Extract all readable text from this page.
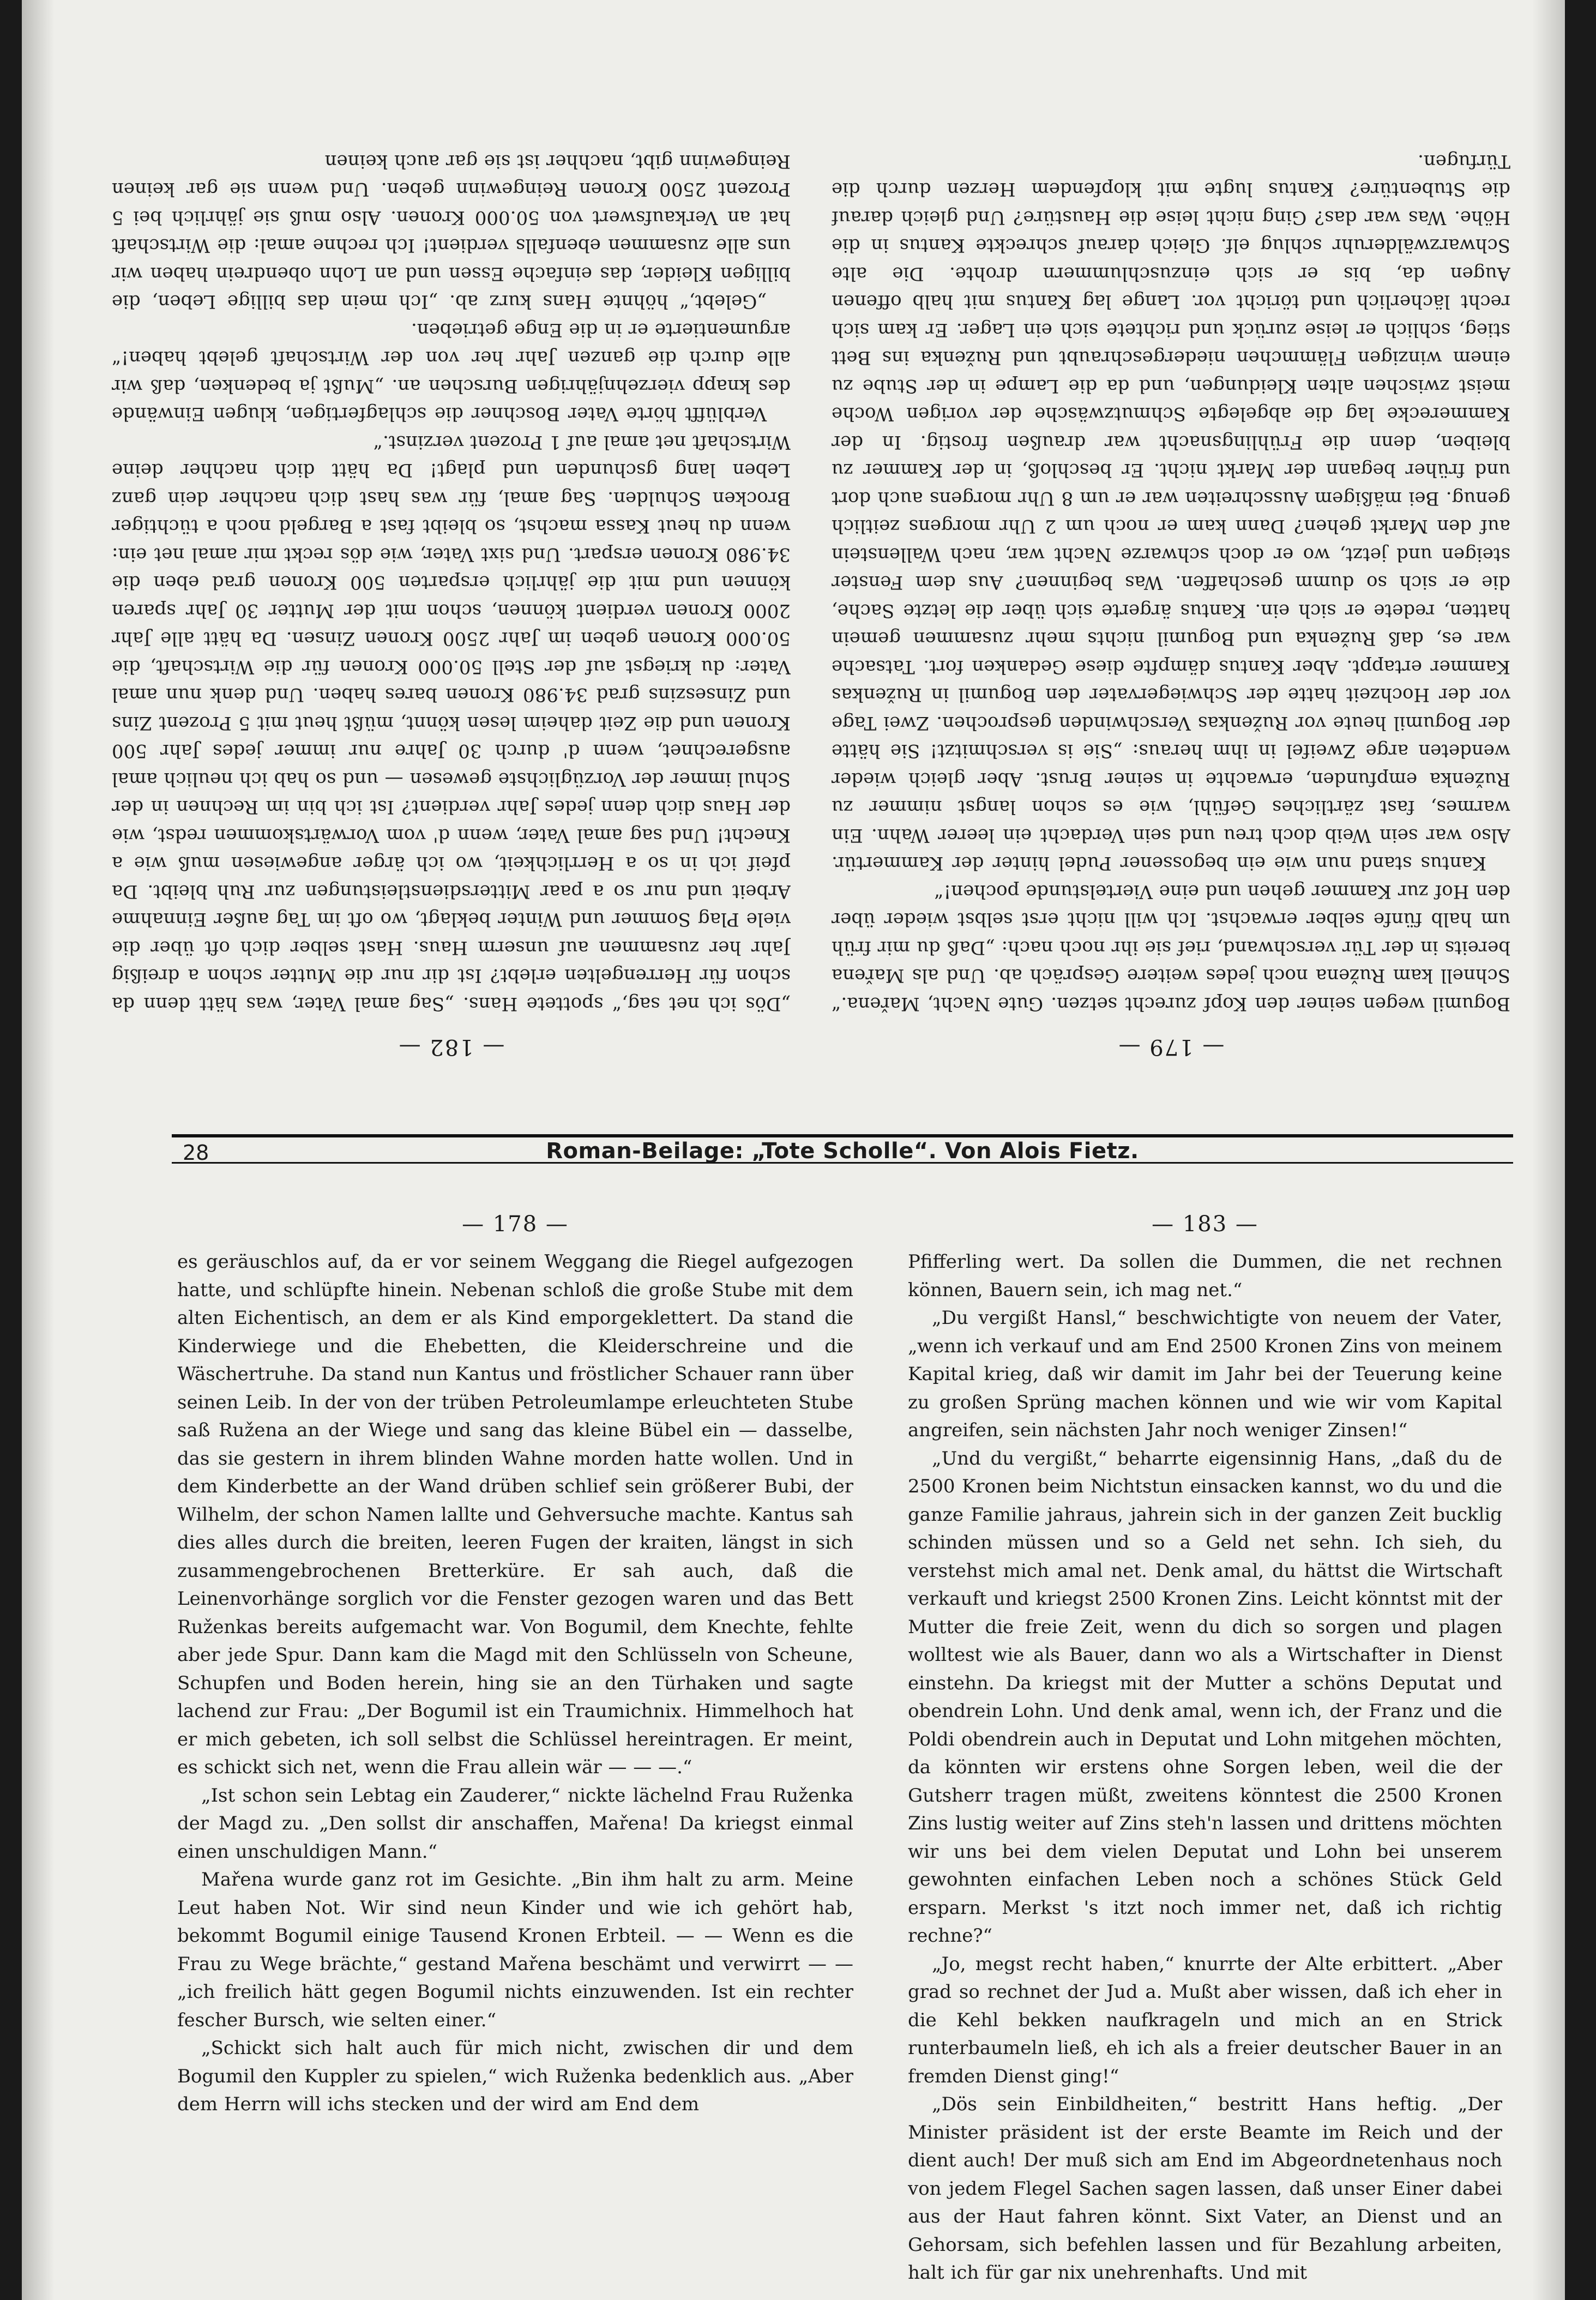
— 179 —

Bogumil wegen seiner den Kopf zurecht setzen. Gute Nacht, Mařena.“ Schnell kam Ružena noch jedes weitere Gespräch ab. Und als Mařena bereits in der Tür verschwand, rief sie ihr noch nach: „Daß du mir früh um halb fünfe selber erwachst. Ich will nicht erst selbst wieder über den Hof zur Kammer gehen und eine Viertelstunde pochen!“

Kantus stand nun wie ein begossener Pudel hinter der Kammertür. Also war sein Weib doch treu und sein Verdacht ein leerer Wahn. Ein warmes, fast zärtliches Gefühl, wie es schon langst nimmer zu Ruženka empfunden, erwachte in seiner Brust. Aber gleich wieder wendeten arge Zweifel in ihm heraus: „Sie is verschmitzt! Sie hätte der Bogumil heute vor Ruženkas Verschwinden gesprochen. Zwei Tage vor der Hochzeit hatte der Schwiegervater den Bogumil in Ruženkas Kammer ertappt. Aber Kantus dämpfte diese Gedanken fort. Tatsache war es, daß Ruženka und Bogumil nichts mehr zusammen gemein hatten, redete er sich ein. Kantus ärgerte sich über die letzte Sache, die er sich so dumm geschaffen. Was beginnen? Aus dem Fenster steigen und jetzt, wo er doch schwarze Nacht war, nach Wallenstein auf den Markt gehen? Dann kam er noch um 2 Uhr morgens zeitlich genug. Bei mäßigem Ausschreiten war er um 8 Uhr morgens auch dort und früher begann der Markt nicht. Er beschloß, in der Kammer zu bleiben, denn die Frühlingsnacht war draußen frostig. In der Kammerecke lag die abgelegte Schmutzwäsche der vorigen Woche meist zwischen alten Kleidungen, und da die Lampe in der Stube zu einem winzigen Flämmchen niedergeschraubt und Ruženka ins Bett stieg, schlich er leise zurück und richtete sich ein Lager. Er kam sich recht lächerlich und töricht vor. Lange lag Kantus mit halb offenen Augen da, bis er sich einzuschlummern drohte. Die alte Schwarzwälderuhr schlug elf. Gleich darauf schreckte Kantus in die Höhe. Was war das? Ging nicht leise die Haustüre? Und gleich darauf die Stubentüre? Kantus lugte mit klopfendem Herzen durch die Türfugen.

— 182 —

„Dös ich net sag,“ spottete Hans. „Sag amal Vater, was hätt denn da schon für Herrengelten erlebt? Ist dir nur die Mutter schon a dreißig Jahr her zusammen auf unserm Haus. Hast selber dich oft über die viele Plag Sommer und Winter beklagt, wo oft im Tag außer Einnahme Arbeit und nur so a paar Mittersdienstleistungen zur Ruh bleibt. Da pfeif ich in so a Herrlichkeit, wo ich ärger angewiesen muß wie a Knecht! Und sag amal Vater, wenn d' vom Vorwärtskommen redst, wie der Haus dich denn jedes Jahr verdient? Ist ich bin im Rechnen in der Schul immer der Vorzüglichste gewesen — und so hab ich neulich amal ausgerechnet, wenn d' durch 30 Jahre nur immer jedes Jahr 500 Kronen und die Zeit daheim lesen könnt, müßt heut mit 5 Prozent Zins und Zinseszins grad 34.980 Kronen bares haben. Und denk nun amal Vater: du kriegst auf der Stell 50.000 Kronen für die Wirtschaft, die 50.000 Kronen geben im Jahr 2500 Kronen Zinsen. Da hätt alle Jahr 2000 Kronen verdient können, schon mit der Mutter 30 Jahr sparen können und mit die jährlich ersparten 500 Kronen grad eben die 34.980 Kronen erspart. Und sixt Vater, wie dös reckt mir amal net ein: wenn du heut Kassa machst, so bleibt fast a Bargeld noch a tüchtiger Brocken Schulden. Sag amal, für was hast dich nachher dein ganz Leben lang gschunden und plagt! Da hätt dich nachher deine Wirtschaft net amal auf 1 Prozent verzinst.“

Verblüfft hörte Vater Boschner die schlagfertigen, klugen Einwände des knapp vierzehnjährigen Burschen an. „Mußt ja bedenken, daß wir alle durch die ganzen Jahr her von der Wirtschaft gelebt haben!“ argumentierte er in die Enge getrieben.

„Gelebt,“ höhnte Hans kurz ab. „Ich mein das billige Leben, die billigen Kleider, das einfache Essen und an Lohn obendrein haben wir uns alle zusammen ebenfalls verdient! Ich rechne amal: die Wirtschaft hat an Verkaufswert von 50.000 Kronen. Also muß sie jährlich bei 5 Prozent 2500 Kronen Reingewinn geben. Und wenn sie gar keinen Reingewinn gibt, nachher ist sie gar auch keinen

28	Roman-Beilage: „Tote Scholle“. Von Alois Fietz.
— 178 —

es geräuschlos auf, da er vor seinem Weggang die Riegel aufgezogen hatte, und schlüpfte hinein. Nebenan schloß die große Stube mit dem alten Eichentisch, an dem er als Kind emporgeklettert. Da stand die Kinderwiege und die Ehebetten, die Kleiderschreine und die Wäschertruhe. Da stand nun Kantus und fröstlicher Schauer rann über seinen Leib. In der von der trüben Petroleumlampe erleuchteten Stube saß Ružena an der Wiege und sang das kleine Bübel ein — dasselbe, das sie gestern in ihrem blinden Wahne morden hatte wollen. Und in dem Kinderbette an der Wand drüben schlief sein größerer Bubi, der Wilhelm, der schon Namen lallte und Gehversuche machte. Kantus sah dies alles durch die breiten, leeren Fugen der kraiten, längst in sich zusammengebrochenen Bretterküre. Er sah auch, daß die Leinenvorhänge sorglich vor die Fenster gezogen waren und das Bett Ruženkas bereits aufgemacht war. Von Bogumil, dem Knechte, fehlte aber jede Spur. Dann kam die Magd mit den Schlüsseln von Scheune, Schupfen und Boden herein, hing sie an den Türhaken und sagte lachend zur Frau: „Der Bogumil ist ein Traumichnix. Himmelhoch hat er mich gebeten, ich soll selbst die Schlüssel hereintragen. Er meint, es schickt sich net, wenn die Frau allein wär — — —.“

„Ist schon sein Lebtag ein Zauderer,“ nickte lächelnd Frau Ruženka der Magd zu. „Den sollst dir anschaffen, Mařena! Da kriegst einmal einen unschuldigen Mann.“

Mařena wurde ganz rot im Gesichte. „Bin ihm halt zu arm. Meine Leut haben Not. Wir sind neun Kinder und wie ich gehört hab, bekommt Bogumil einige Tausend Kronen Erbteil. — — Wenn es die Frau zu Wege brächte,“ gestand Mařena beschämt und verwirrt — — „ich freilich hätt gegen Bogumil nichts einzuwenden. Ist ein rechter fescher Bursch, wie selten einer.“

„Schickt sich halt auch für mich nicht, zwischen dir und dem Bogumil den Kuppler zu spielen,“ wich Ruženka bedenklich aus. „Aber dem Herrn will ichs stecken und der wird am End dem

— 183 —

Pfifferling wert. Da sollen die Dummen, die net rechnen können, Bauern sein, ich mag net.“

„Du vergißt Hansl,“ beschwichtigte von neuem der Vater, „wenn ich verkauf und am End 2500 Kronen Zins von meinem Kapital krieg, daß wir damit im Jahr bei der Teuerung keine zu großen Sprüng machen können und wie wir vom Kapital angreifen, sein nächsten Jahr noch weniger Zinsen!“

„Und du vergißt,“ beharrte eigensinnig Hans, „daß du de 2500 Kronen beim Nichtstun einsacken kannst, wo du und die ganze Familie jahraus, jahrein sich in der ganzen Zeit bucklig schinden müssen und so a Geld net sehn. Ich sieh, du verstehst mich amal net. Denk amal, du hättst die Wirtschaft verkauft und kriegst 2500 Kronen Zins. Leicht könntst mit der Mutter die freie Zeit, wenn du dich so sorgen und plagen wolltest wie als Bauer, dann wo als a Wirtschafter in Dienst einstehn. Da kriegst mit der Mutter a schöns Deputat und obendrein Lohn. Und denk amal, wenn ich, der Franz und die Poldi obendrein auch in Deputat und Lohn mitgehen möchten, da könnten wir erstens ohne Sorgen leben, weil die der Gutsherr tragen müßt, zweitens könntest die 2500 Kronen Zins lustig weiter auf Zins steh'n lassen und drittens möchten wir uns bei dem vielen Deputat und Lohn bei unserem gewohnten einfachen Leben noch a schönes Stück Geld ersparn. Merkst 's itzt noch immer net, daß ich richtig rechne?“

„Jo, megst recht haben,“ knurrte der Alte erbittert. „Aber grad so rechnet der Jud a. Mußt aber wissen, daß ich eher in die Kehl bekken naufkrageln und mich an en Strick runterbaumeln ließ, eh ich als a freier deutscher Bauer in an fremden Dienst ging!“

„Dös sein Einbildheiten,“ bestritt Hans heftig. „Der Minister präsident ist der erste Beamte im Reich und der dient auch! Der muß sich am End im Abgeordnetenhaus noch von jedem Flegel Sachen sagen lassen, daß unser Einer dabei aus der Haut fahren könnt. Sixt Vater, an Dienst und an Gehorsam, sich befehlen lassen und für Bezahlung arbeiten, halt ich für gar nix unehrenhafts. Und mit
